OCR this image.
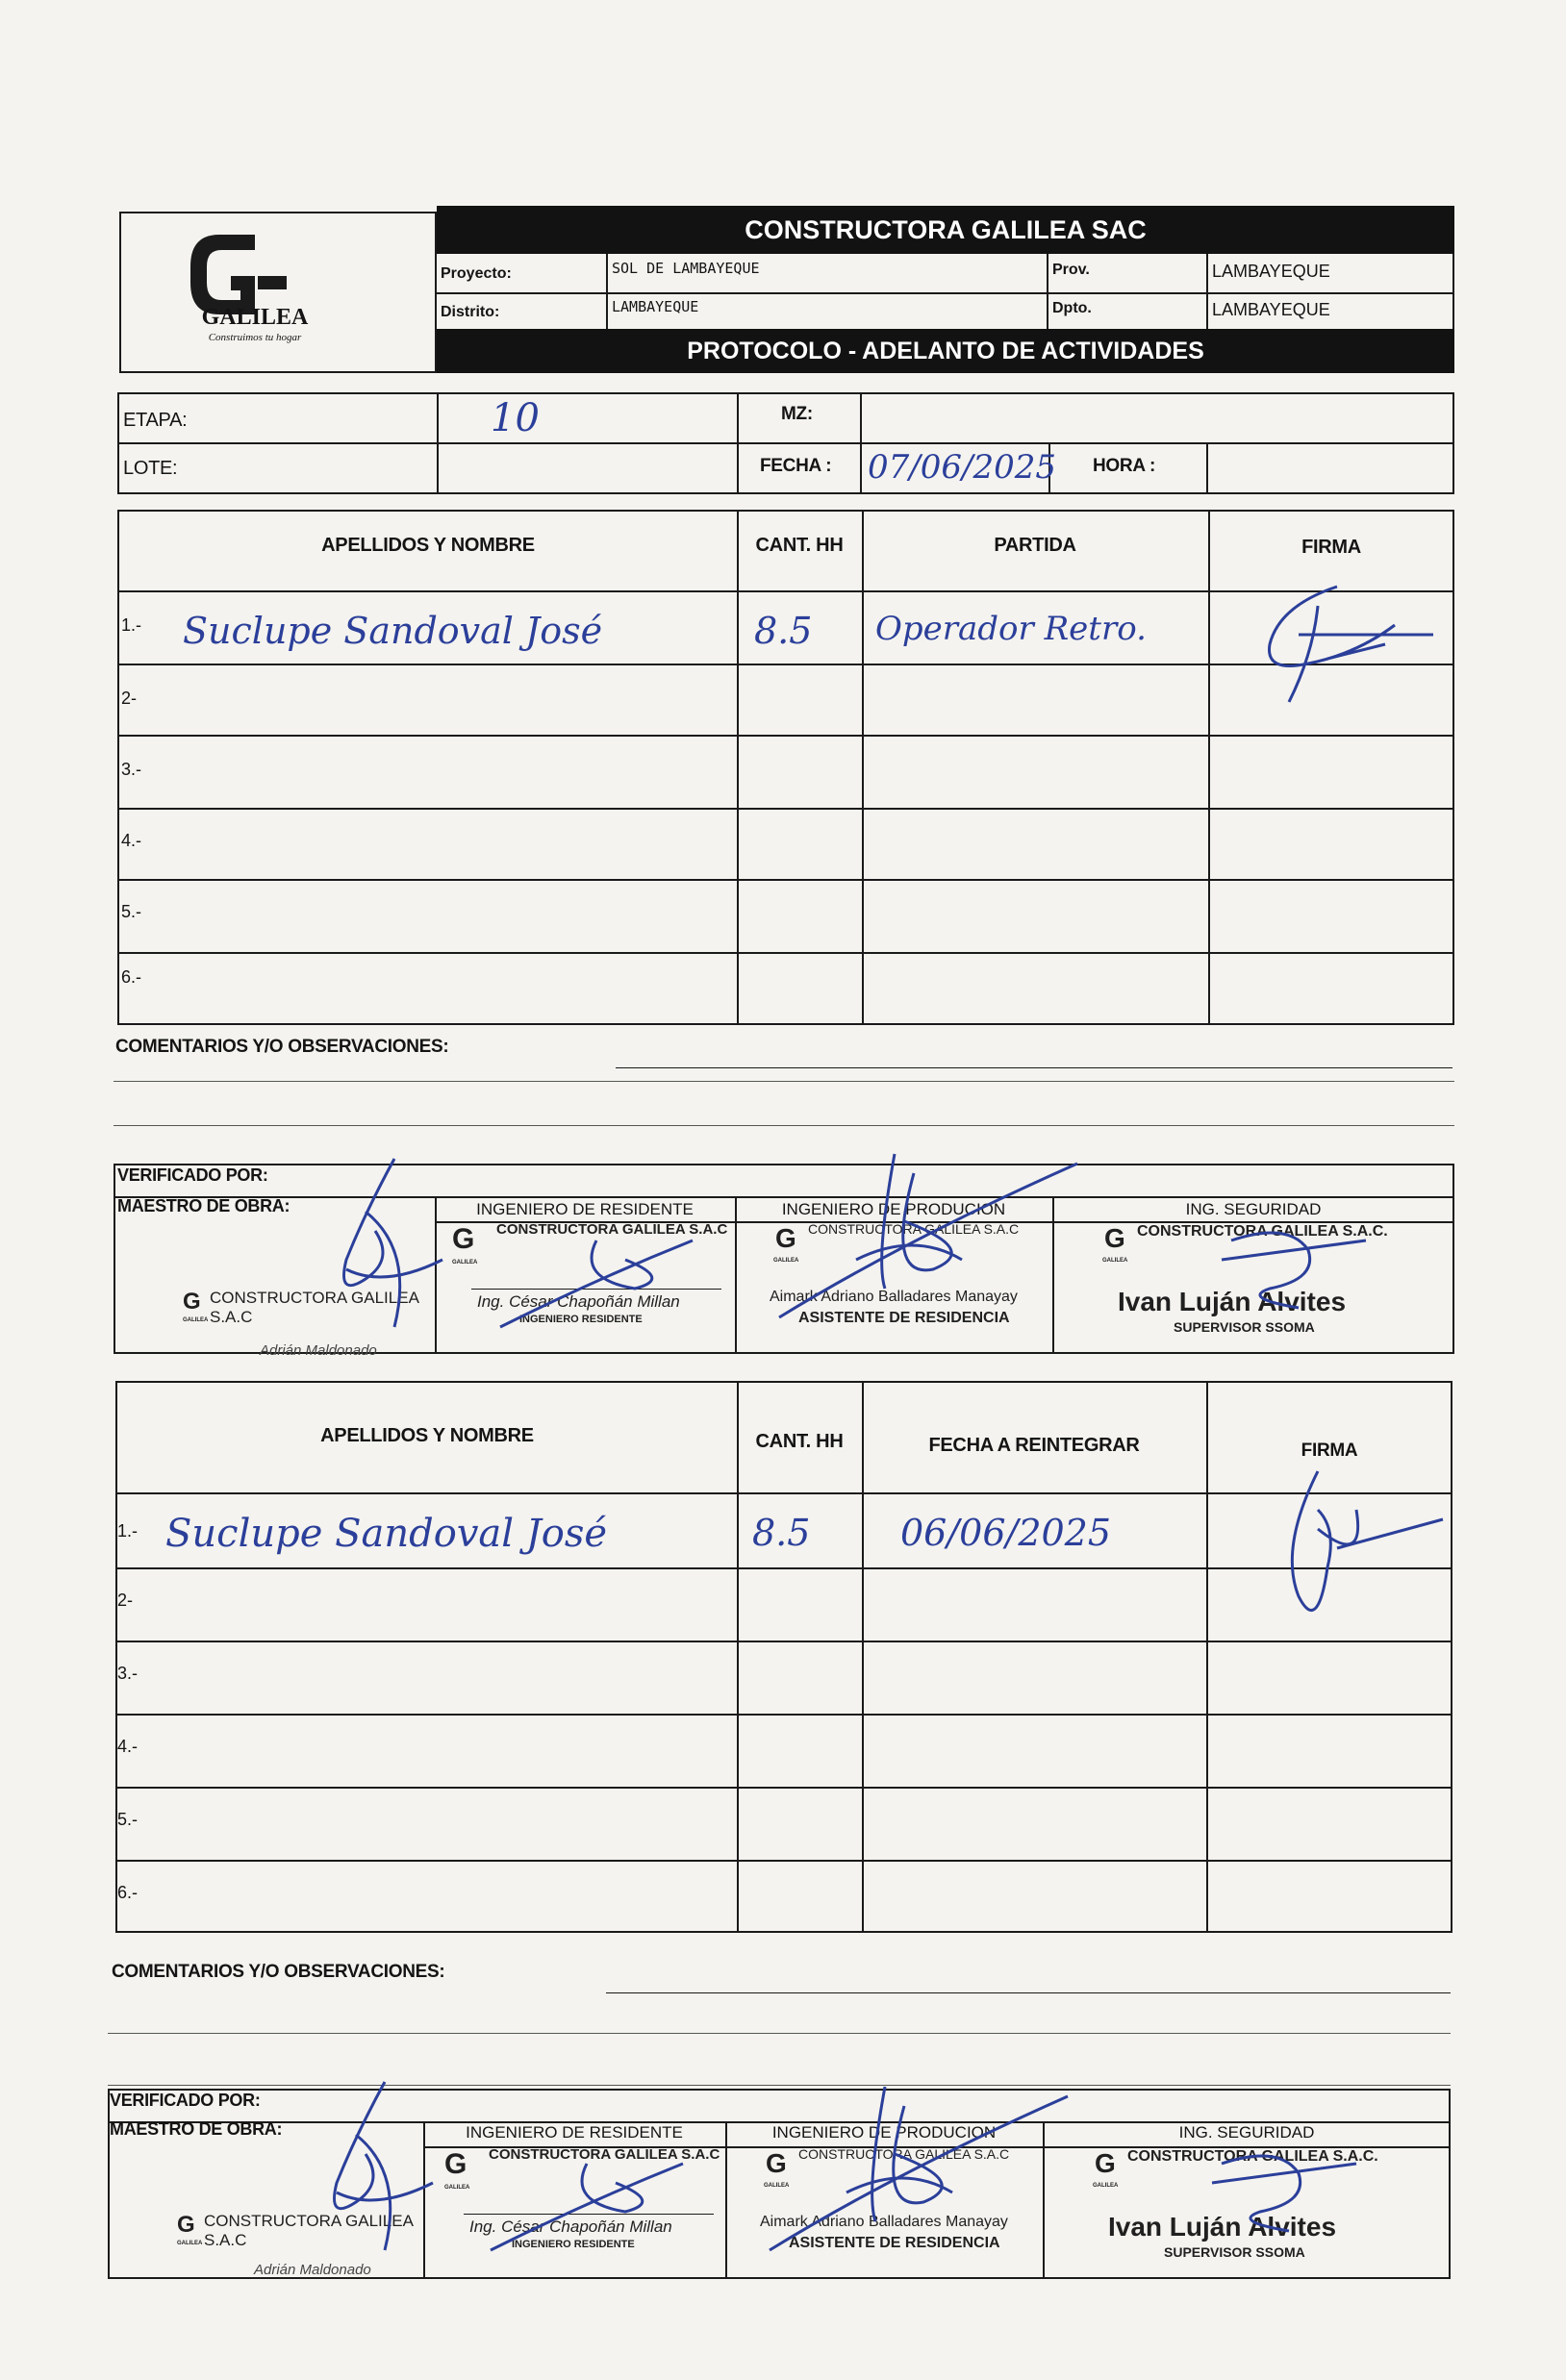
GALILEA
Construimos tu hogar
CONSTRUCTORA GALILEA SAC
Proyecto:	SOL DE LAMBAYEQUE	Prov.	LAMBAYEQUE
Distrito:	LAMBAYEQUE	Dpto.	LAMBAYEQUE
PROTOCOLO - ADELANTO DE ACTIVIDADES
ETAPA:	10	MZ:
LOTE:	FECHA : 07/06/2025 HORA :
APELLIDOS Y NOMBRE	CANT. HH	PARTIDA	FIRMA
1.- Suclupe Sandoval José	8.5 Operador Retro.
2-
3.-
4.-
5.-
6.-
COMENTARIOS Y/O OBSERVACIONES:
VERIFICADO POR:
MAESTRO DE OBRA:	INGENIERO DE RESIDENTE	INGENIERO DE PRODUCION	ING. SEGURIDAD
G CONSTRUCTORA GALILEA S.A.C
GALILEA
Adrián Maldonado
G CONSTRUCTORA GALILEA S.A.C
GALILEA
Ing. César Chapoñán Millan
INGENIERO RESIDENTE
G CONSTRUCTORA GALILEA S.A.C
GALILEA
Aimark Adriano Balladares Manayay
ASISTENTE DE RESIDENCIA
G CONSTRUCTORA GALILEA S.A.C.
GALILEA
Ivan Luján Alvites
SUPERVISOR SSOMA
APELLIDOS Y NOMBRE	CANT. HH	FECHA A REINTEGRAR	FIRMA
1.- Suclupe Sandoval José	8.5 06/06/2025
2-
3.-
4.-
5.-
6.-
COMENTARIOS Y/O OBSERVACIONES:
VERIFICADO POR:
MAESTRO DE OBRA:	INGENIERO DE RESIDENTE	INGENIERO DE PRODUCION	ING. SEGURIDAD
G CONSTRUCTORA GALILEA S.A.C
GALILEA
Adrián Maldonado
G CONSTRUCTORA GALILEA S.A.C
GALILEA
Ing. César Chapoñán Millan
INGENIERO RESIDENTE
G CONSTRUCTORA GALILEA S.A.C
GALILEA
Aimark Adriano Balladares Manayay
ASISTENTE DE RESIDENCIA
G CONSTRUCTORA GALILEA S.A.C.
GALILEA
Ivan Luján Alvites
SUPERVISOR SSOMA
